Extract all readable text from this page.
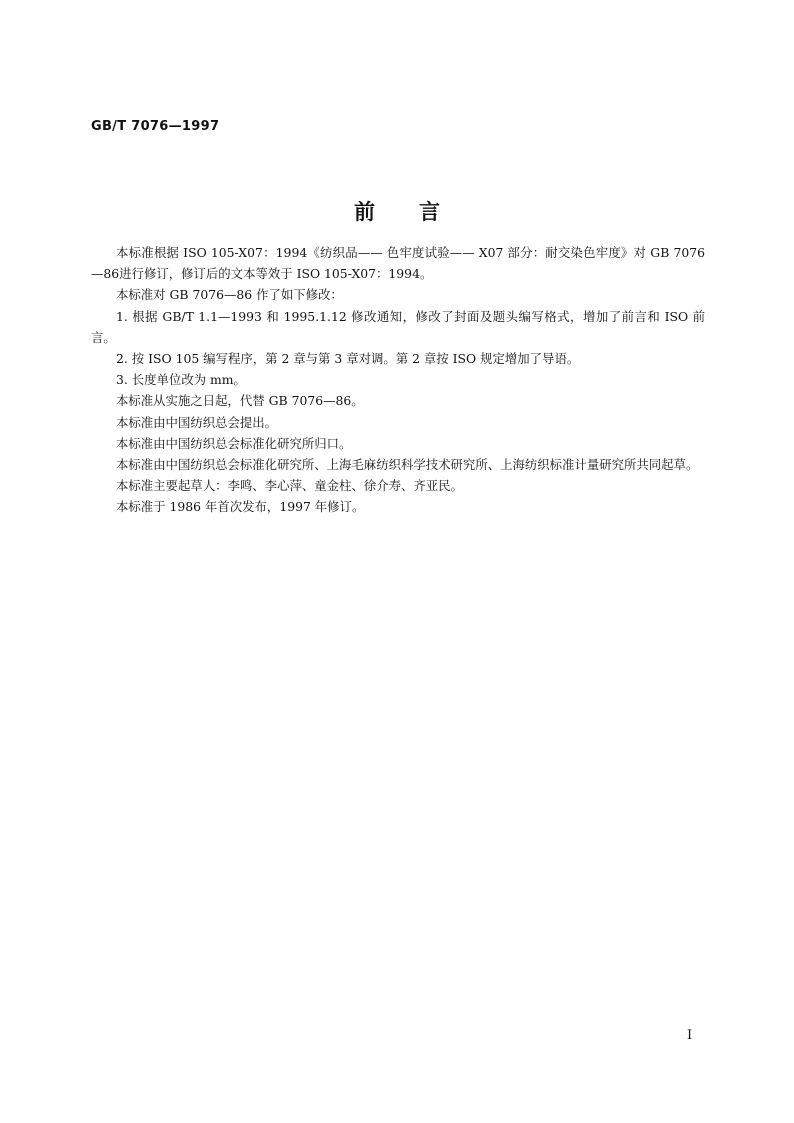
GB/T 7076—1997
前言

本标准根据 ISO 105-X07：1994《纺织品—— 色牢度试验—— X07 部分：耐交染色牢度》对 GB 7076—86进行修订，修订后的文本等效于 ISO 105-X07：1994。

本标准对 GB 7076—86 作了如下修改：

1. 根据 GB/T 1.1—1993 和 1995.1.12 修改通知，修改了封面及题头编写格式，增加了前言和 ISO 前言。

2. 按 ISO 105 编写程序，第 2 章与第 3 章对调。第 2 章按 ISO 规定增加了导语。

3. 长度单位改为 mm。

本标准从实施之日起，代替 GB 7076—86。

本标准由中国纺织总会提出。

本标准由中国纺织总会标准化研究所归口。

本标准由中国纺织总会标准化研究所、上海毛麻纺织科学技术研究所、上海纺织标准计量研究所共同起草。

本标准主要起草人：李鸣、李心萍、童金柱、徐介寿、齐亚民。

本标准于 1986 年首次发布，1997 年修订。

I
